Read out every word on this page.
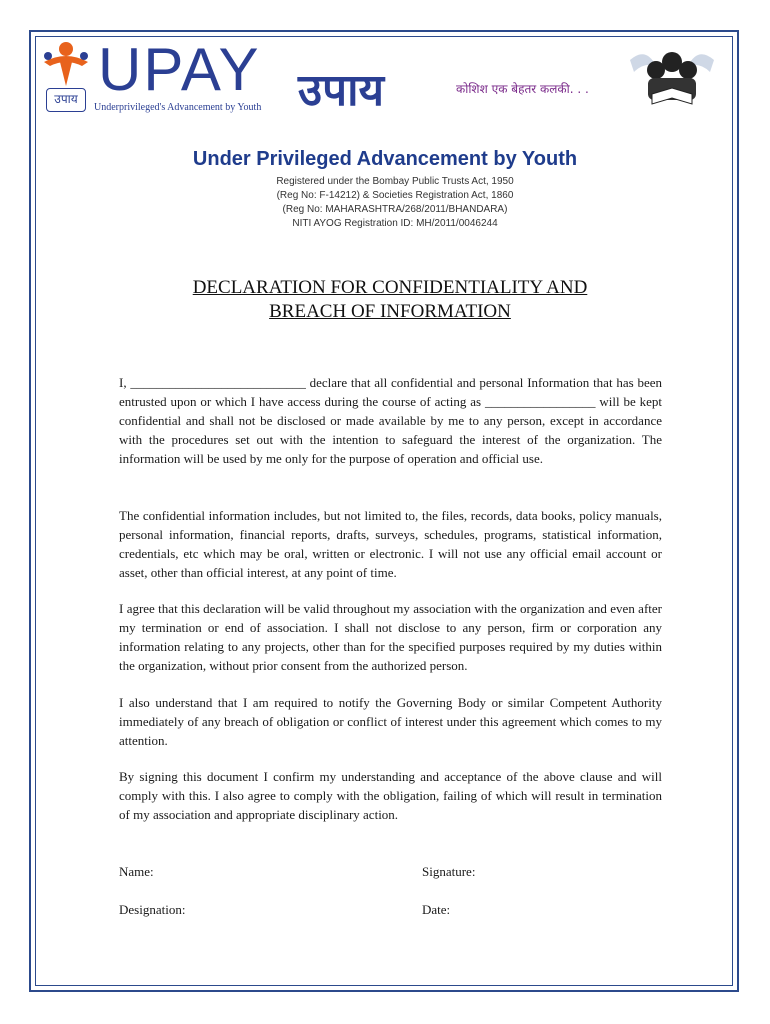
उपाय UPAY
Underprivileged's Advancement by Youth उपाय	कोशिश एक बेहतर कलकी. . .
Under Privileged Advancement by Youth
Registered under the Bombay Public Trusts Act, 1950
(Reg No: F-14212) & Societies Registration Act, 1860
(Reg No: MAHARASHTRA/268/2011/BHANDARA)
NITI AYOG Registration ID: MH/2011/0046244
DECLARATION FOR CONFIDENTIALITY AND
BREACH OF INFORMATION
I, ___________________________ declare that all confidential and personal Information that has been entrusted upon or which I have access during the course of acting as _________________ will be kept confidential and shall not be disclosed or made available by me to any person, except in accordance with the procedures set out with the intention to safeguard the interest of the organization. The information will be used by me only for the purpose of operation and official use.
The confidential information includes, but not limited to, the files, records, data books, policy manuals, personal information, financial reports, drafts, surveys, schedules, programs, statistical information, credentials, etc which may be oral, written or electronic. I will not use any official email account or asset, other than official interest, at any point of time.
I agree that this declaration will be valid throughout my association with the organization and even after my termination or end of association. I shall not disclose to any person, firm or corporation any information relating to any projects, other than for the specified purposes required by my duties within the organization, without prior consent from the authorized person.
I also understand that I am required to notify the Governing Body or similar Competent Authority immediately of any breach of obligation or conflict of interest under this agreement which comes to my attention.
By signing this document I confirm my understanding and acceptance of the above clause and will comply with this. I also agree to comply with the obligation, failing of which will result in termination of my association and appropriate disciplinary action.
Name:	Signature:
Designation:	Date:
